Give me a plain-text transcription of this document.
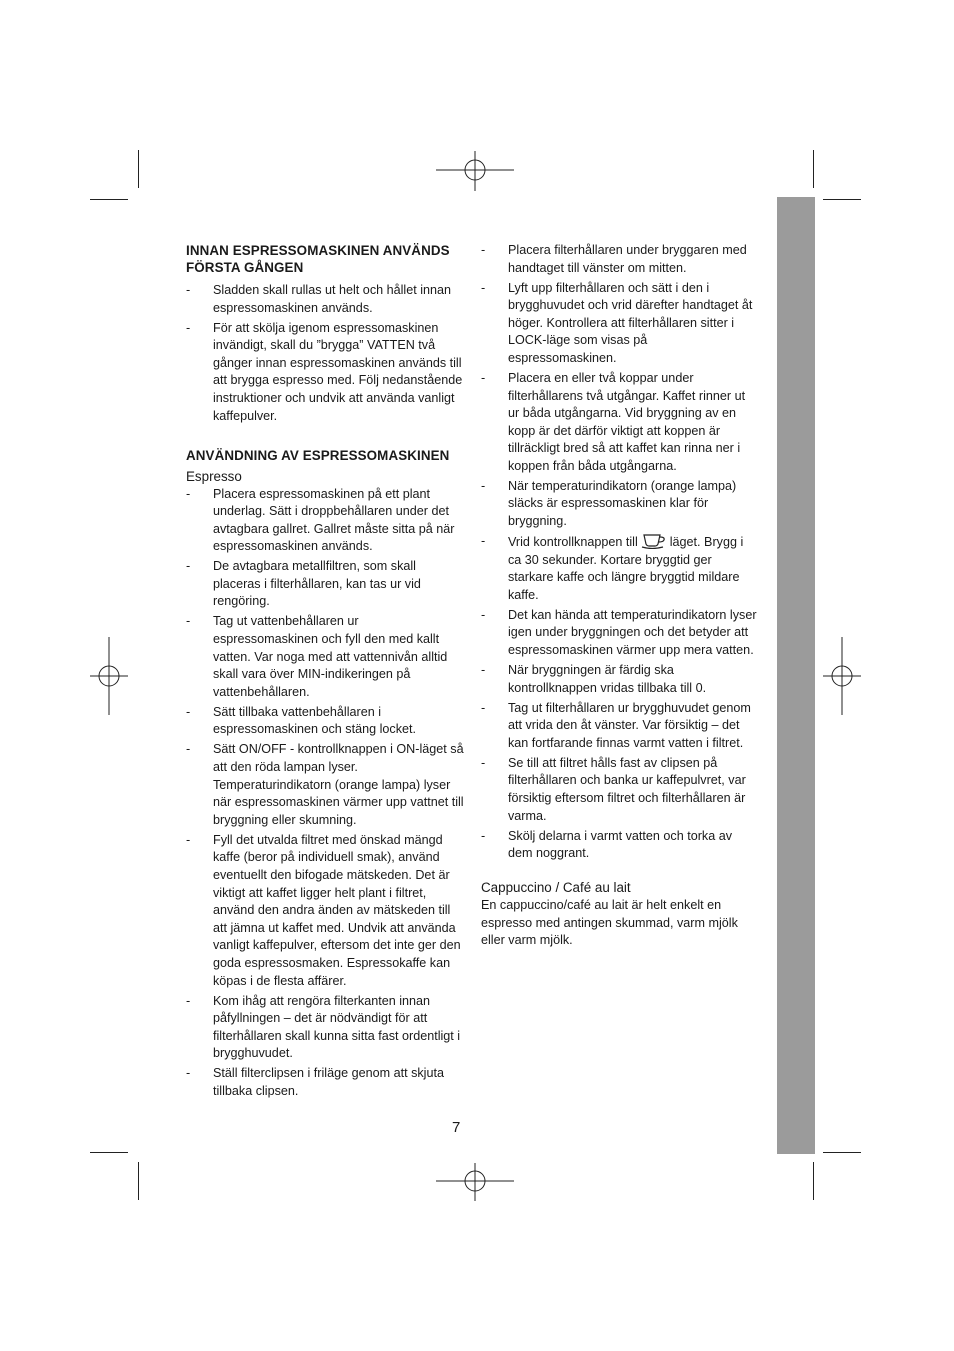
INNAN ESPRESSOMASKINEN ANVÄNDS FÖRSTA GÅNGEN
- Sladden skall rullas ut helt och hållet innan espressomaskinen används.
- För att skölja igenom espressomaskinen invändigt, skall du ”brygga” VATTEN två gånger innan espressomaskinen används till att brygga espresso med. Följ nedanstående instruktioner och undvik att använda vanligt kaffepulver.
ANVÄNDNING AV ESPRESSOMASKINEN
Espresso
- Placera espressomaskinen på ett plant underlag. Sätt i droppbehållaren under det avtagbara gallret. Gallret måste sitta på när espressomaskinen används.
- De avtagbara metallfiltren, som skall placeras i filterhållaren, kan tas ur vid rengöring.
- Tag ut vattenbehållaren ur espressomaskinen och fyll den med kallt vatten. Var noga med att vattennivån alltid skall vara över MIN-indikeringen på vattenbehållaren.
- Sätt tillbaka vattenbehållaren i espressomaskinen och stäng locket.
- Sätt ON/OFF - kontrollknappen i ON-läget så att den röda lampan lyser. Temperaturindikatorn (orange lampa) lyser när espressomaskinen värmer upp vattnet till bryggning eller skumning.
- Fyll det utvalda filtret med önskad mängd kaffe (beror på individuell smak), använd eventuellt den bifogade mätskeden. Det är viktigt att kaffet ligger helt plant i filtret, använd den andra änden av mätskeden till att jämna ut kaffet med. Undvik att använda vanligt kaffepulver, eftersom det inte ger den goda espressosmaken. Espressokaffe kan köpas i de flesta affärer.
- Kom ihåg att rengöra filterkanten innan påfyllningen – det är nödvändigt för att filterhållaren skall kunna sitta fast ordentligt i brygghuvudet.
- Ställ filterclipsen i friläge genom att skjuta tillbaka clipsen.
- Placera filterhållaren under bryggaren med handtaget till vänster om mitten.
- Lyft upp filterhållaren och sätt i den i brygghuvudet och vrid därefter handtaget åt höger. Kontrollera att filterhållaren sitter i LOCK-läge som visas på espressomaskinen.
- Placera en eller två koppar under filterhållarens två utgångar. Kaffet rinner ut ur båda utgångarna. Vid bryggning av en kopp är det därför viktigt att koppen är tillräckligt bred så att kaffet kan rinna ner i koppen från båda utgångarna.
- När temperaturindikatorn (orange lampa) släcks är espressomaskinen klar för bryggning.
- Vrid kontrollknappen till	läget. Brygg i ca 30 sekunder. Kortare bryggtid ger starkare kaffe och längre bryggtid mildare kaffe.
- Det kan hända att temperaturindikatorn lyser igen under bryggningen och det betyder att espressomaskinen värmer upp mera vatten.
- När bryggningen är färdig ska kontrollknappen vridas tillbaka till 0.
- Tag ut filterhållaren ur brygghuvudet genom att vrida den åt vänster. Var försiktig – det kan fortfarande finnas varmt vatten i filtret.
- Se till att filtret hålls fast av clipsen på filterhållaren och banka ur kaffepulvret, var försiktig eftersom filtret och filterhållaren är varma.
- Skölj delarna i varmt vatten och torka av dem noggrant.
Cappuccino / Café au lait

En cappuccino/café au lait är helt enkelt en espresso med antingen skummad, varm mjölk eller varm mjölk.

7
